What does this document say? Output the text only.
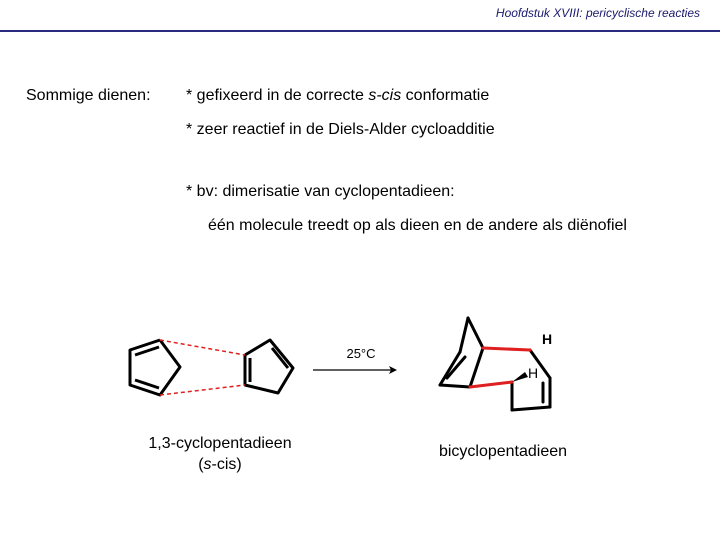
Hoofdstuk XVIII: pericyclische reacties
Sommige dienen: * gefixeerd in de correcte s-cis conformatie
* zeer reactief in de Diels-Alder cycloadditie
* bv: dimerisatie van cyclopentadieen:
één molecule treedt op als dieen en de andere als diënofiel
25°C
H
H
1,3-cyclopentadieen
(s-cis)
bicyclopentadieen
